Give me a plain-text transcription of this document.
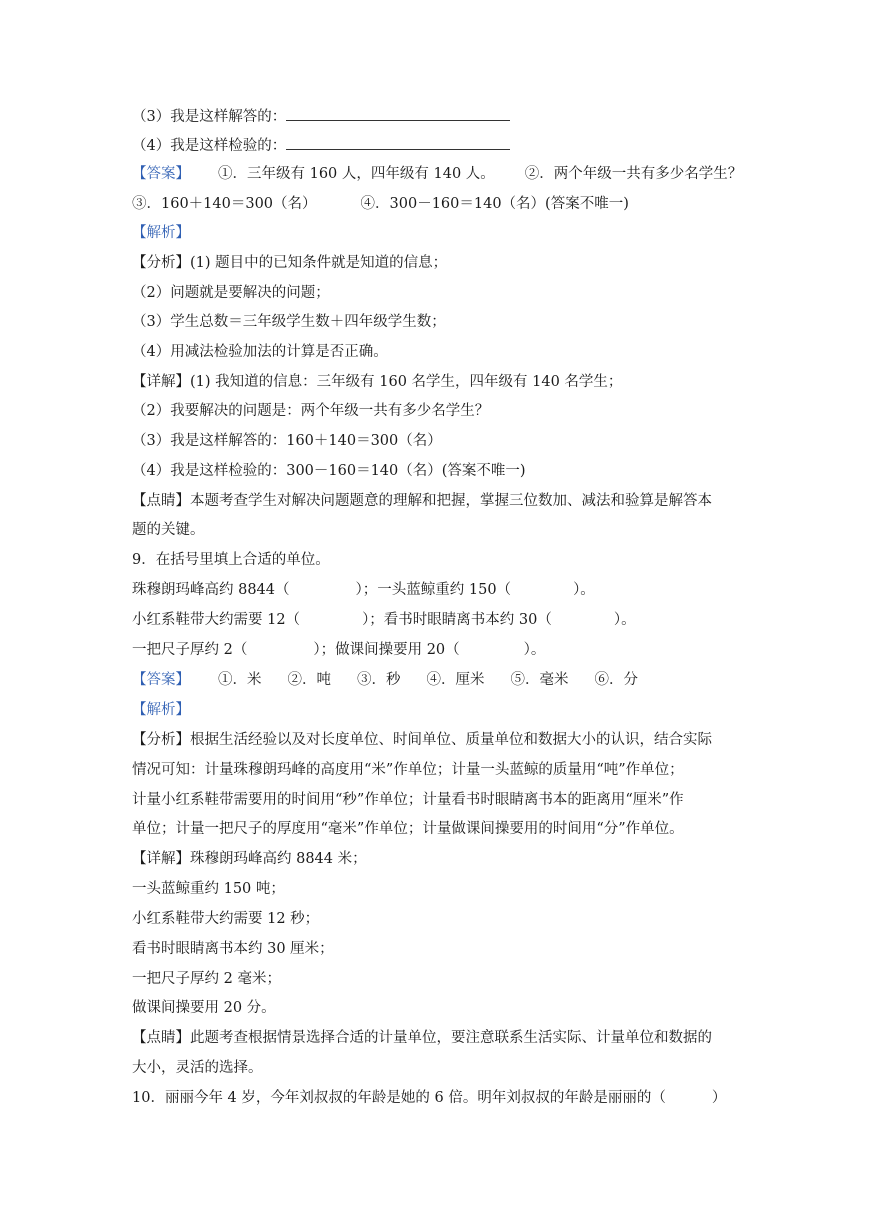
（3）我是这样解答的：
（4）我是这样检验的：
【答案】 ①．三年级有 160 人，四年级有 140 人。 ②．两个年级一共有多少名学生？
③．160＋140＝300（名）	④．300－160＝140（名）(答案不唯一)
【解析】
【分析】(1) 题目中的已知条件就是知道的信息；
（2）问题就是要解决的问题；
（3）学生总数＝三年级学生数＋四年级学生数；
（4）用减法检验加法的计算是否正确。
【详解】(1) 我知道的信息：三年级有 160 名学生，四年级有 140 名学生；
（2）我要解决的问题是：两个年级一共有多少名学生？
（3）我是这样解答的：160＋140＝300（名）
（4）我是这样检验的：300－160＝140（名）(答案不唯一)
【点睛】本题考查学生对解决问题题意的理解和把握，掌握三位数加、减法和验算是解答本
题的关键。
9．在括号里填上合适的单位。
珠穆朗玛峰高约 8844（	）；一头蓝鲸重约 150（	）。
小红系鞋带大约需要 12（	）；看书时眼睛离书本约 30（	）。
一把尺子厚约 2（	）；做课间操要用 20（	）。
【答案】 ①．米 ②．吨 ③．秒 ④．厘米 ⑤．毫米 ⑥．分
【解析】
【分析】根据生活经验以及对长度单位、时间单位、质量单位和数据大小的认识，结合实际
情况可知：计量珠穆朗玛峰的高度用“米”作单位；计量一头蓝鲸的质量用“吨”作单位；
计量小红系鞋带需要用的时间用“秒”作单位；计量看书时眼睛离书本的距离用“厘米”作
单位；计量一把尺子的厚度用“毫米”作单位；计量做课间操要用的时间用“分”作单位。
【详解】珠穆朗玛峰高约 8844 米；
一头蓝鲸重约 150 吨；
小红系鞋带大约需要 12 秒；
看书时眼睛离书本约 30 厘米；
一把尺子厚约 2 毫米；
做课间操要用 20 分。
【点睛】此题考查根据情景选择合适的计量单位，要注意联系生活实际、计量单位和数据的
大小，灵活的选择。
10．丽丽今年 4 岁，今年刘叔叔的年龄是她的 6 倍。明年刘叔叔的年龄是丽丽的（	）
